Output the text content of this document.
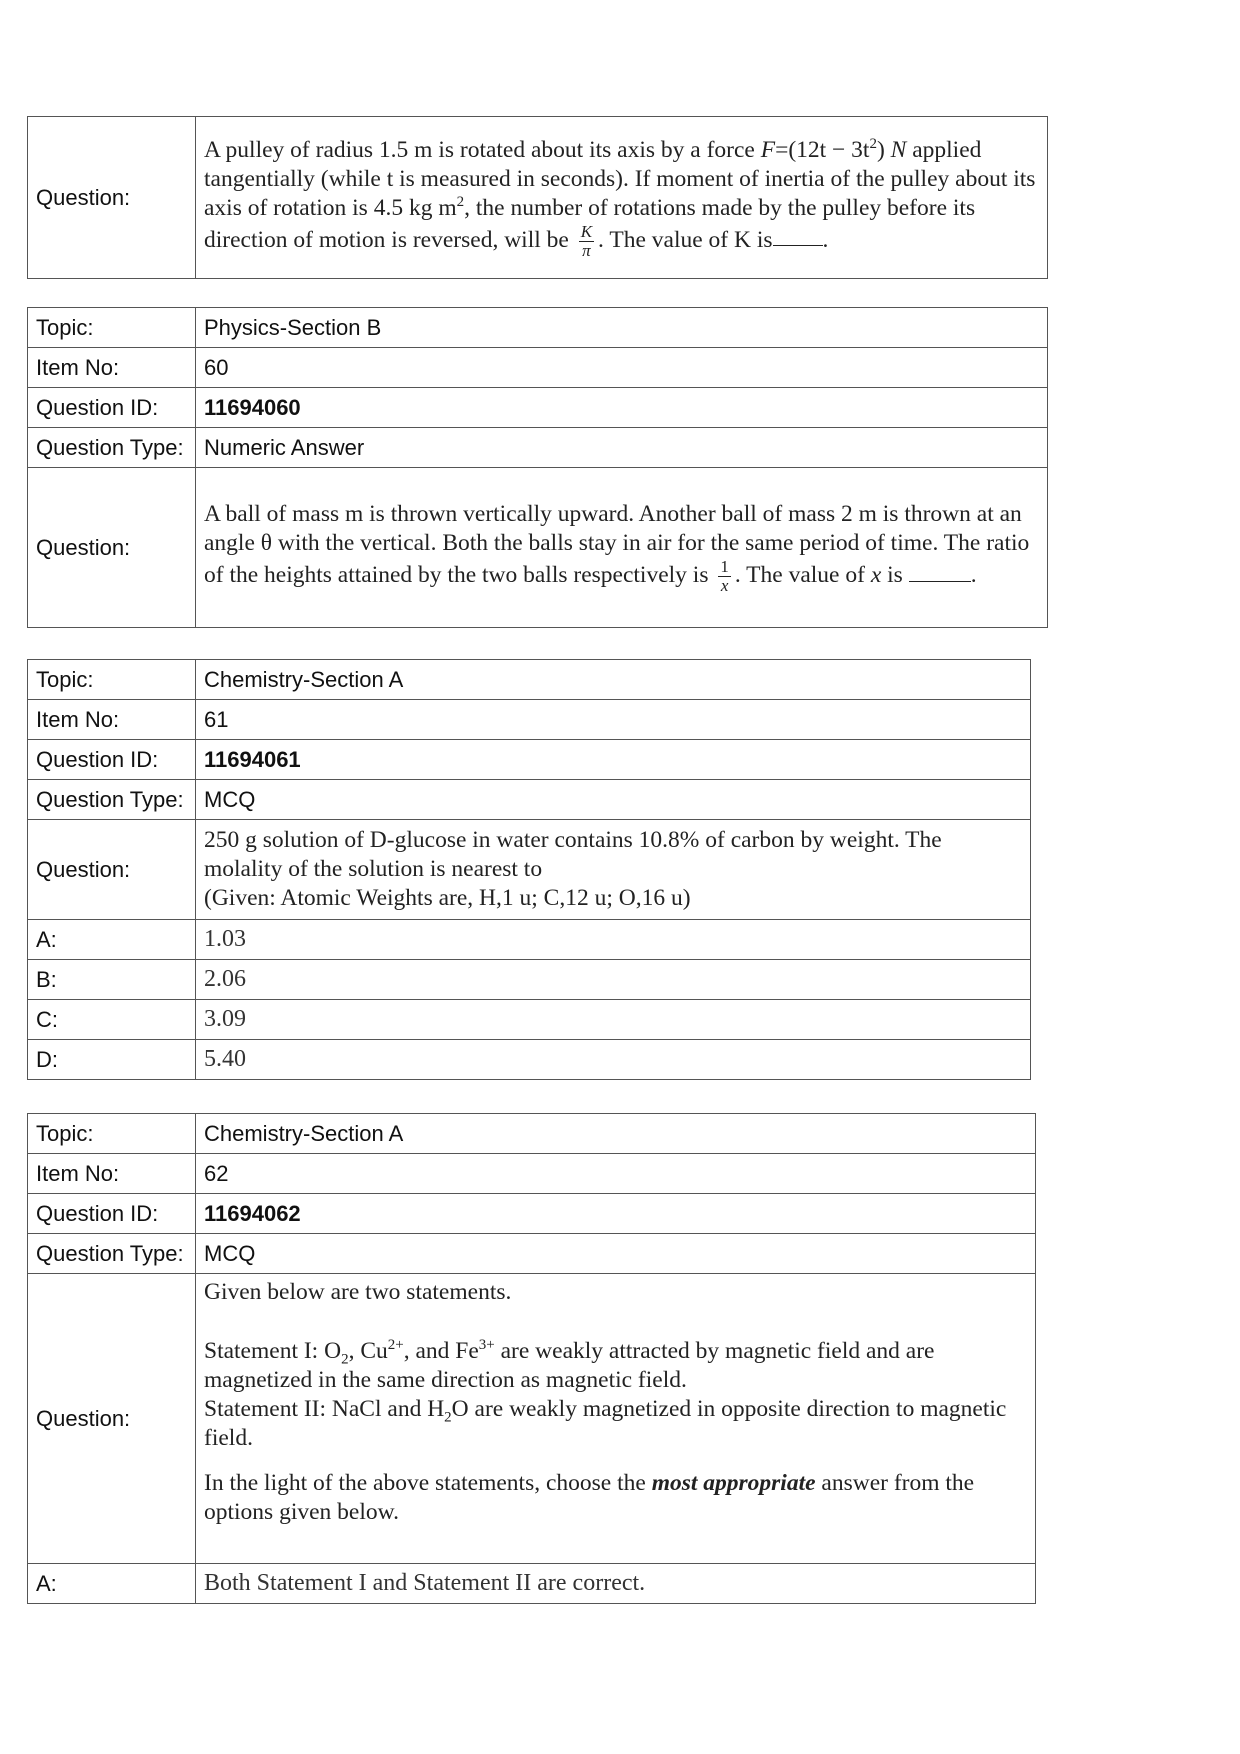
Question:	A pulley of radius 1.5 m is rotated about its axis by a force $F=(12t - 3t^2)$ N applied tangentially (while t is measured in seconds). If moment of inertia of the pulley about its axis of rotation is 4.5 kg $m^2$, the number of rotations made by the pulley before its direction of motion is reversed, will be $\frac{K}{\pi}$ . The value of K is .
Topic:	Physics-Section B
Item No:	60
Question ID:	11694060
Question Type:	Numeric Answer
Question:	A ball of mass m is thrown vertically upward. Another ball of mass 2 m is thrown at an angle θ with the vertical. Both the balls stay in air for the same period of time. The ratio of the heights attained by the two balls respectively is $\frac{1}{x}$ . The value of x is .
Topic:	Chemistry-Section A
Item No:	61
Question ID:	11694061
Question Type:	MCQ
Question:	250 g solution of D-glucose in water contains 10.8% of carbon by weight. The molality of the solution is nearest to
(Given: Atomic Weights are, H,1 u; C,12 u; O,16 u)

A:	1.03
B:	2.06
C:	3.09
D:	5.40
Topic:	Chemistry-Section A
Item No:	62
Question ID:	11694062
Question Type:	MCQ
Question:	Given below are two statements.
Statement I: $O_2$, $Cu^{2+}$, and $Fe^{3+}$ are weakly attracted by magnetic field and are magnetized in the same direction as magnetic field.
Statement II: NaCl and $H_2O$ are weakly magnetized in opposite direction to magnetic field.
In the light of the above statements, choose the most appropriate answer from the options given below.

A:	Both Statement I and Statement II are correct.
